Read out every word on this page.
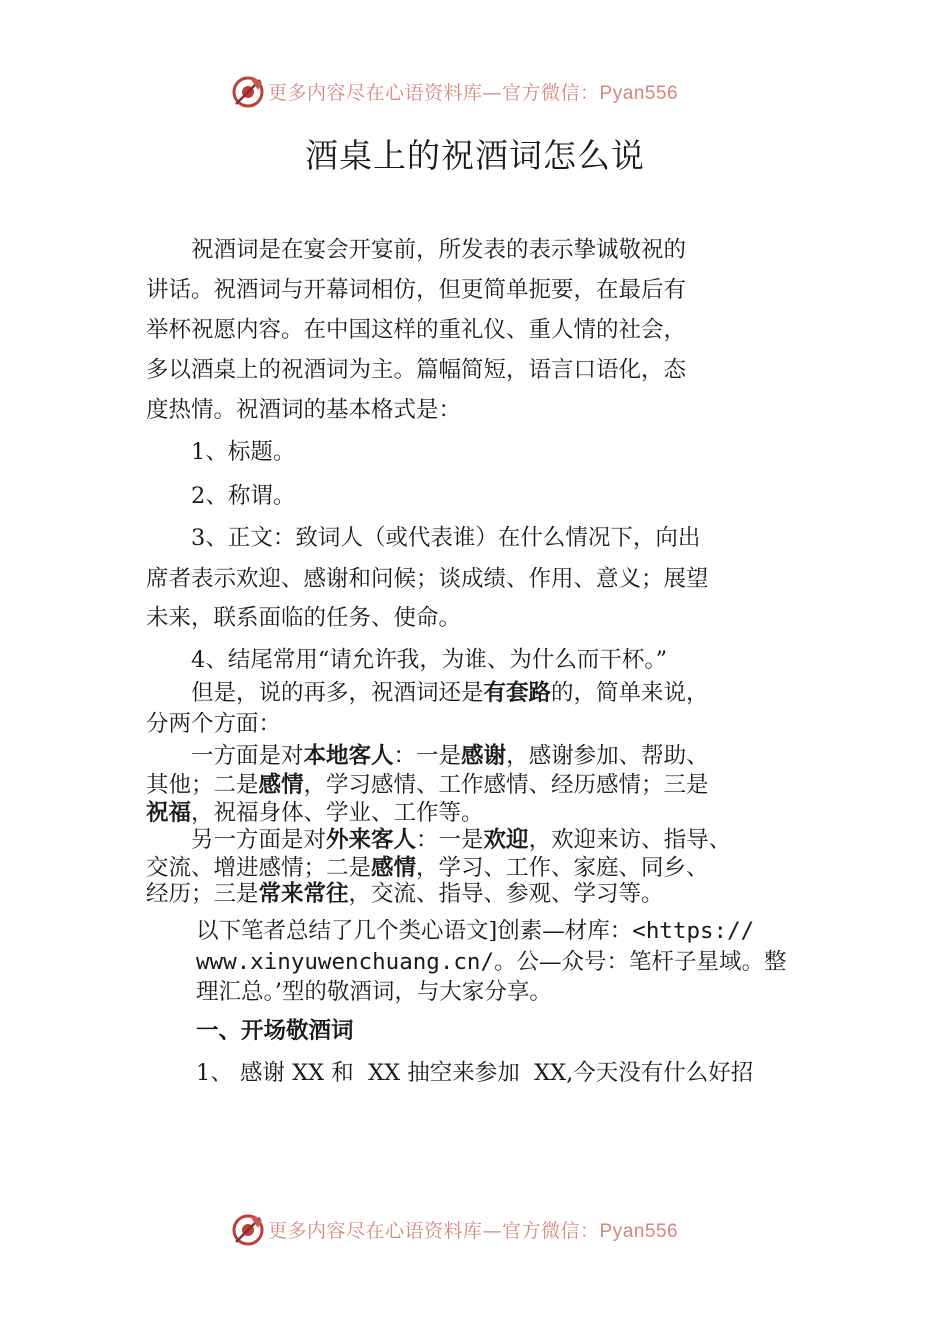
更多内容尽在心语资料库—官方微信：Pyan556
酒桌上的祝酒词怎么说

　　祝酒词是在宴会开宴前，所发表的表示挚诚敬祝的

讲话。祝酒词与开幕词相仿，但更简单扼要，在最后有

举杯祝愿内容。在中国这样的重礼仪、重人情的社会，

多以酒桌上的祝酒词为主。篇幅简短，语言口语化，态

度热情。祝酒词的基本格式是：

　　1、标题。

　　2、称谓。

　　3、正文：致词人（或代表谁）在什么情况下，向出

席者表示欢迎、感谢和问候；谈成绩、作用、意义；展望

未来，联系面临的任务、使命。

　　4、结尾常用“请允许我，为谁、为什么而干杯。”

　　但是，说的再多，祝酒词还是有套路的，简单来说，

分两个方面：

　　一方面是对本地客人：一是感谢，感谢参加、帮助、

其他；二是感情，学习感情、工作感情、经历感情；三是

祝福，祝福身体、学业、工作等。

　　另一方面是对外来客人：一是欢迎，欢迎来访、指导、

交流、增进感情；二是感情，学习、工作、家庭、同乡、

经历；三是常来常往，交流、指导、参观、学习等。

以下笔者总结了几个类心语文]创素—材库：<https://

www.xinyuwenchuang.cn/。公—众号：笔杆子星域。整

理汇总。’型的敬酒词，与大家分享。

一、开场敬酒词

1、 感谢 XX 和  XX 抽空来参加  XX,今天没有什么好招

更多内容尽在心语资料库—官方微信：Pyan556
